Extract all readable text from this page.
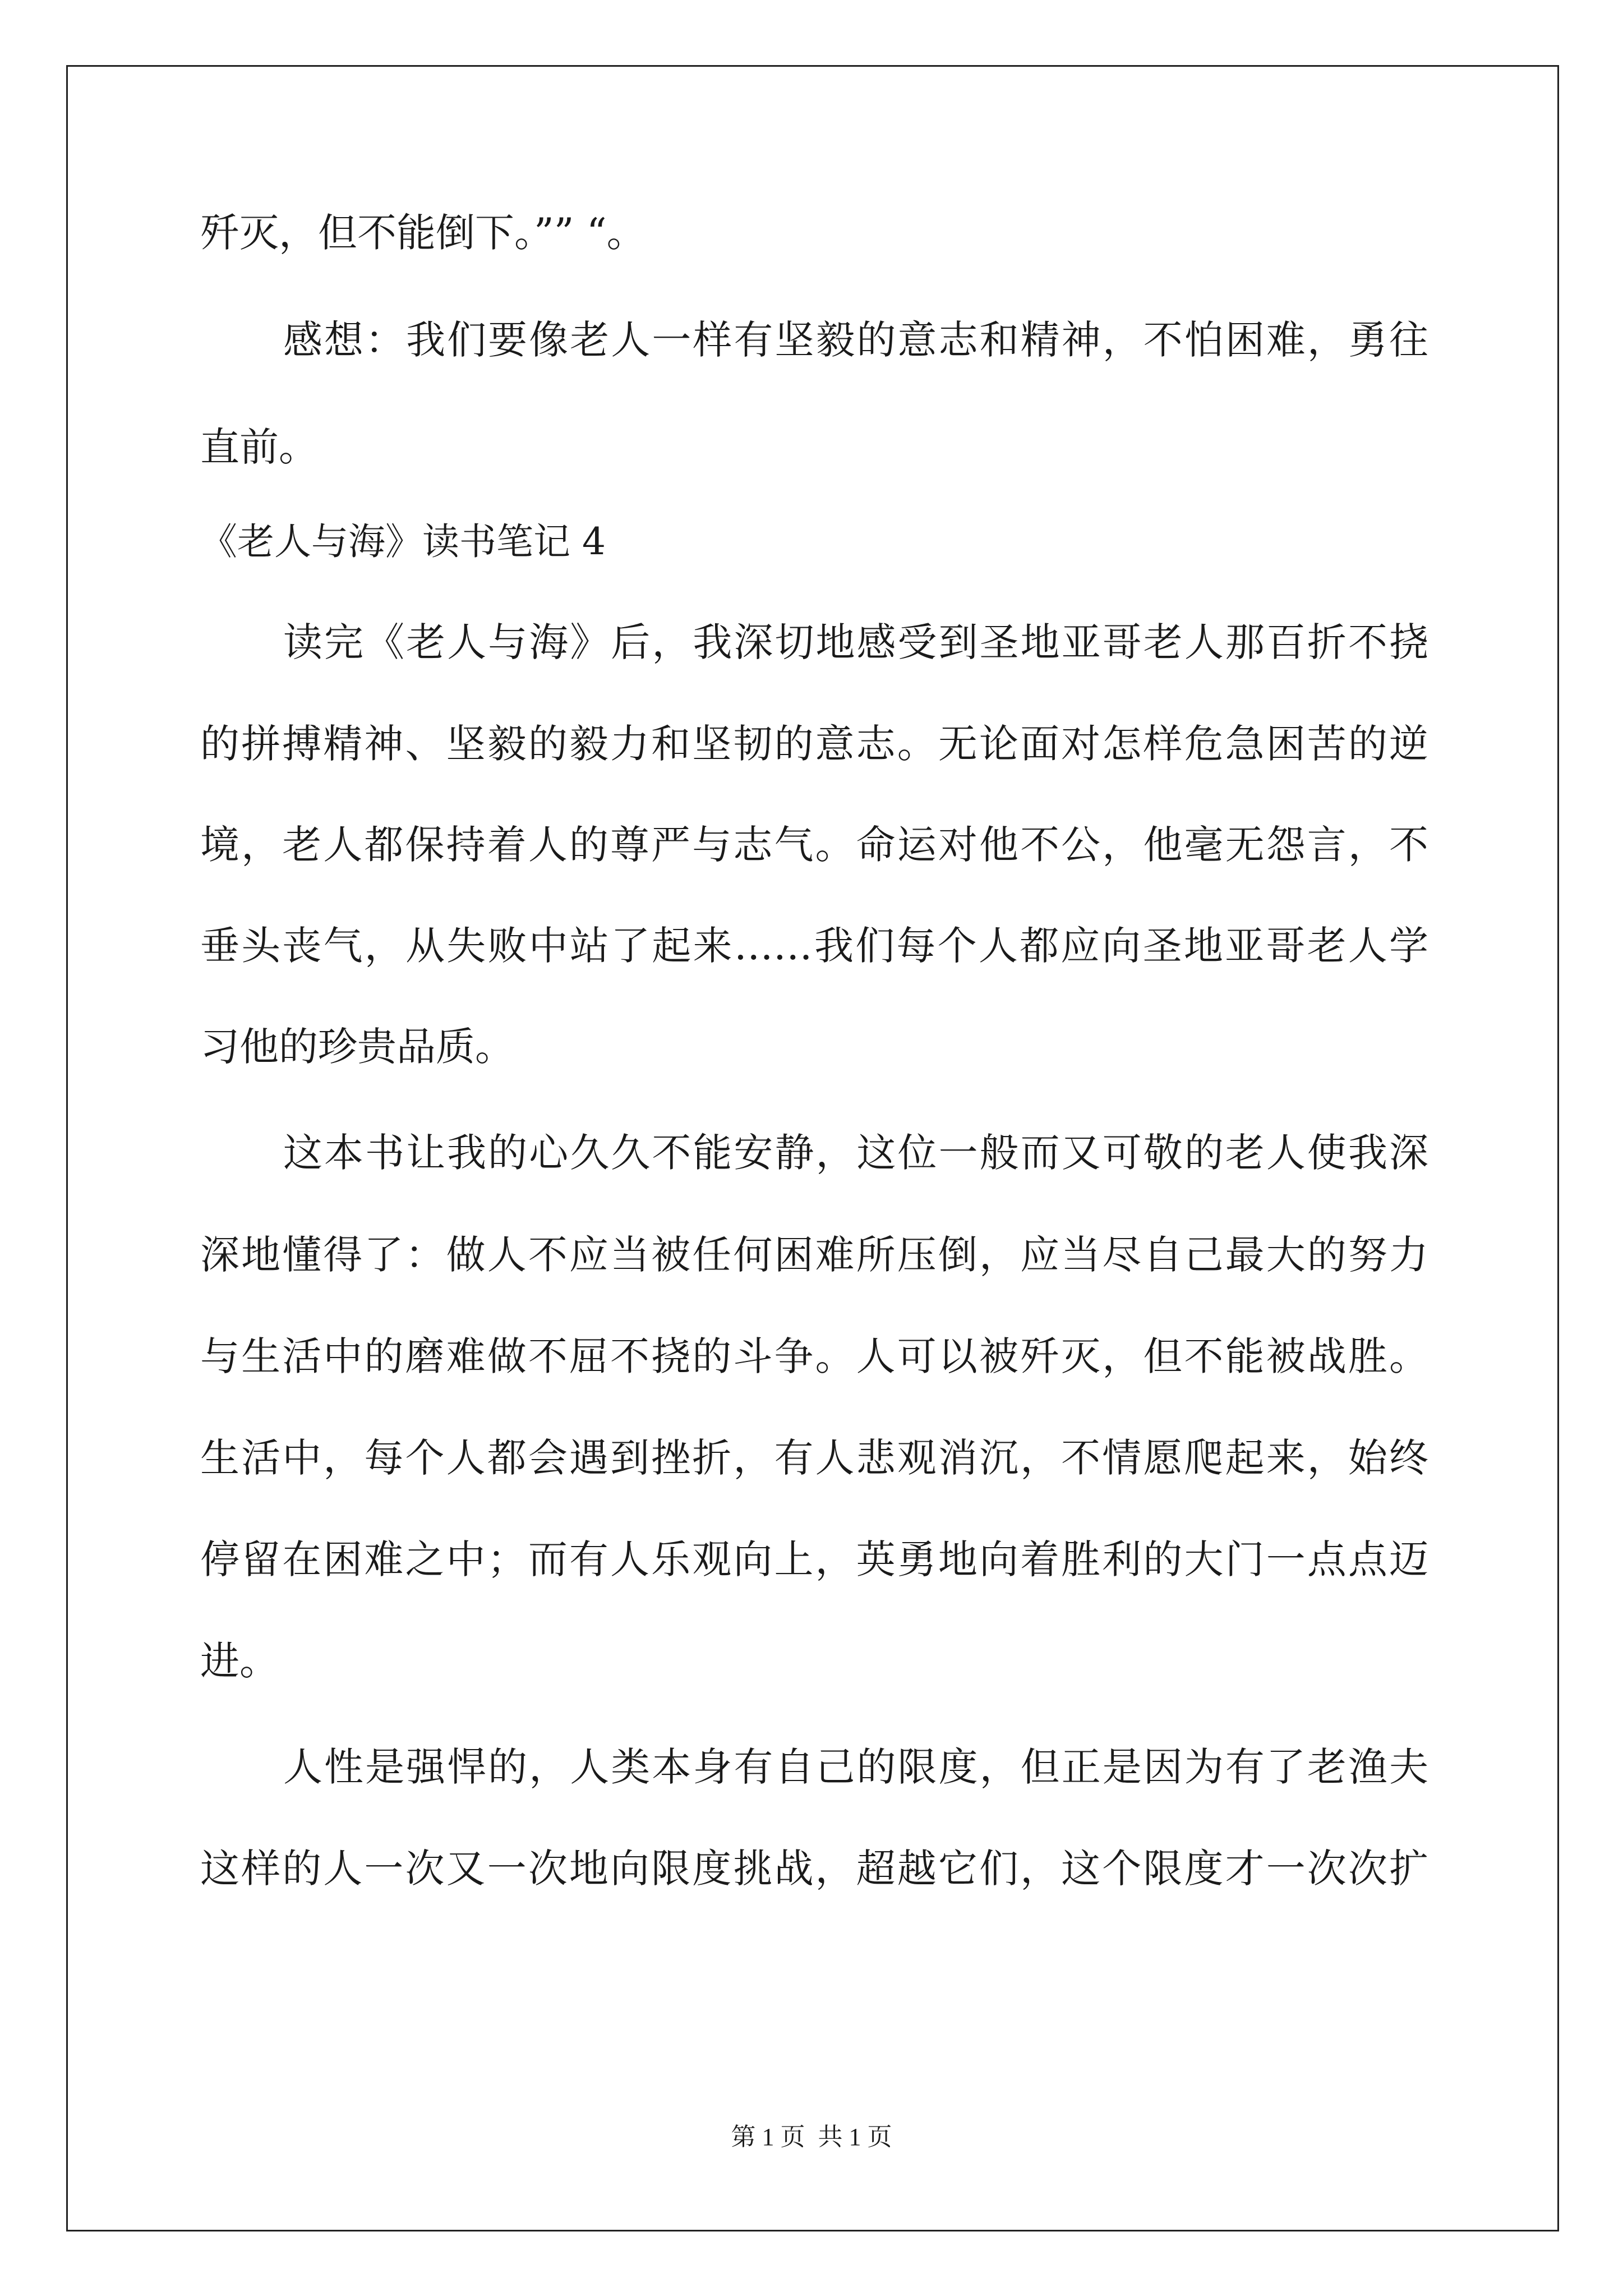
歼灭，但不能倒下。”” “。
感想：我们要像老人一样有坚毅的意志和精神，不怕困难，勇往
直前。
《老人与海》读书笔记 4
读完《老人与海》后，我深切地感受到圣地亚哥老人那百折不挠
的拼搏精神、坚毅的毅力和坚韧的意志。无论面对怎样危急困苦的逆
境，老人都保持着人的尊严与志气。命运对他不公，他毫无怨言，不
垂头丧气，从失败中站了起来……我们每个人都应向圣地亚哥老人学
习他的珍贵品质。
这本书让我的心久久不能安静，这位一般而又可敬的老人使我深
深地懂得了：做人不应当被任何困难所压倒，应当尽自己最大的努力
与生活中的磨难做不屈不挠的斗争。人可以被歼灭，但不能被战胜。
生活中，每个人都会遇到挫折，有人悲观消沉，不情愿爬起来，始终
停留在困难之中；而有人乐观向上，英勇地向着胜利的大门一点点迈
进。
人性是强悍的，人类本身有自己的限度，但正是因为有了老渔夫
这样的人一次又一次地向限度挑战，超越它们，这个限度才一次次扩
第 1 页 共 1 页
